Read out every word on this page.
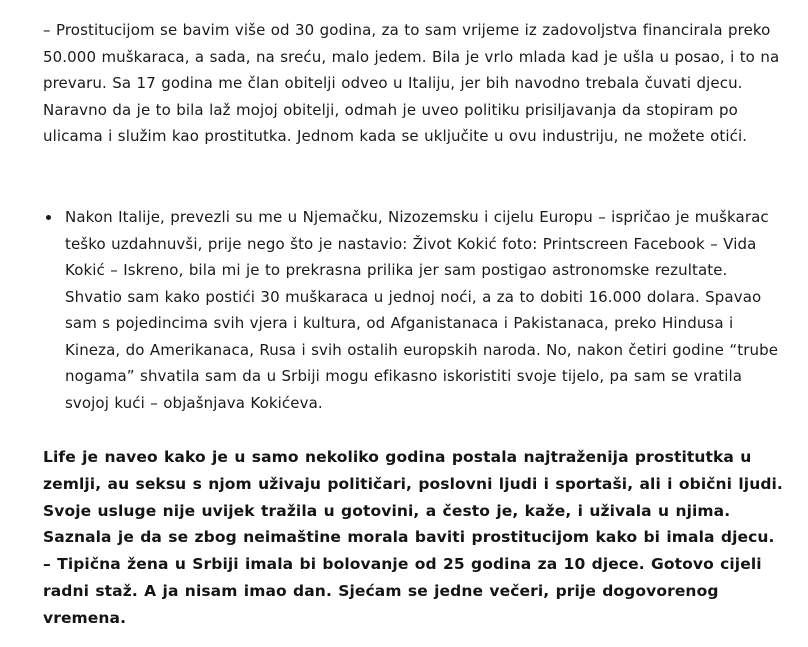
– Prostitucijom se bavim više od 30 godina, za to sam vrijeme iz zadovoljstva financirala preko 50.000 muškaraca, a sada, na sreću, malo jedem. Bila je vrlo mlada kad je ušla u posao, i to na prevaru. Sa 17 godina me član obitelji odveo u Italiju, jer bih navodno trebala čuvati djecu. Naravno da je to bila laž mojoj obitelji, odmah je uveo politiku prisiljavanja da stopiram po ulicama i služim kao prostitutka. Jednom kada se uključite u ovu industriju, ne možete otići.

Nakon Italije, prevezli su me u Njemačku, Nizozemsku i cijelu Europu – ispričao je muškarac teško uzdahnuvši, prije nego što je nastavio: Život Kokić foto: Printscreen Facebook – Vida Kokić – Iskreno, bila mi je to prekrasna prilika jer sam postigao astronomske rezultate. Shvatio sam kako postići 30 muškaraca u jednoj noći, a za to dobiti 16.000 dolara. Spavao sam s pojedincima svih vjera i kultura, od Afganistanaca i Pakistanaca, preko Hindusa i Kineza, do Amerikanaca, Rusa i svih ostalih europskih naroda. No, nakon četiri godine “trube nogama” shvatila sam da u Srbiji mogu efikasno iskoristiti svoje tijelo, pa sam se vratila svojoj kući – objašnjava Kokićeva.

Life je naveo kako je u samo nekoliko godina postala najtraženija prostitutka u zemlji, au seksu s njom uživaju političari, poslovni ljudi i sportaši, ali i obični ljudi. Svoje usluge nije uvijek tražila u gotovini, a često je, kaže, i uživala u njima. Saznala je da se zbog neimaštine morala baviti prostitucijom kako bi imala djecu. – Tipična žena u Srbiji imala bi bolovanje od 25 godina za 10 djece. Gotovo cijeli radni staž. A ja nisam imao dan. Sjećam se jedne večeri, prije dogovorenog vremena.
